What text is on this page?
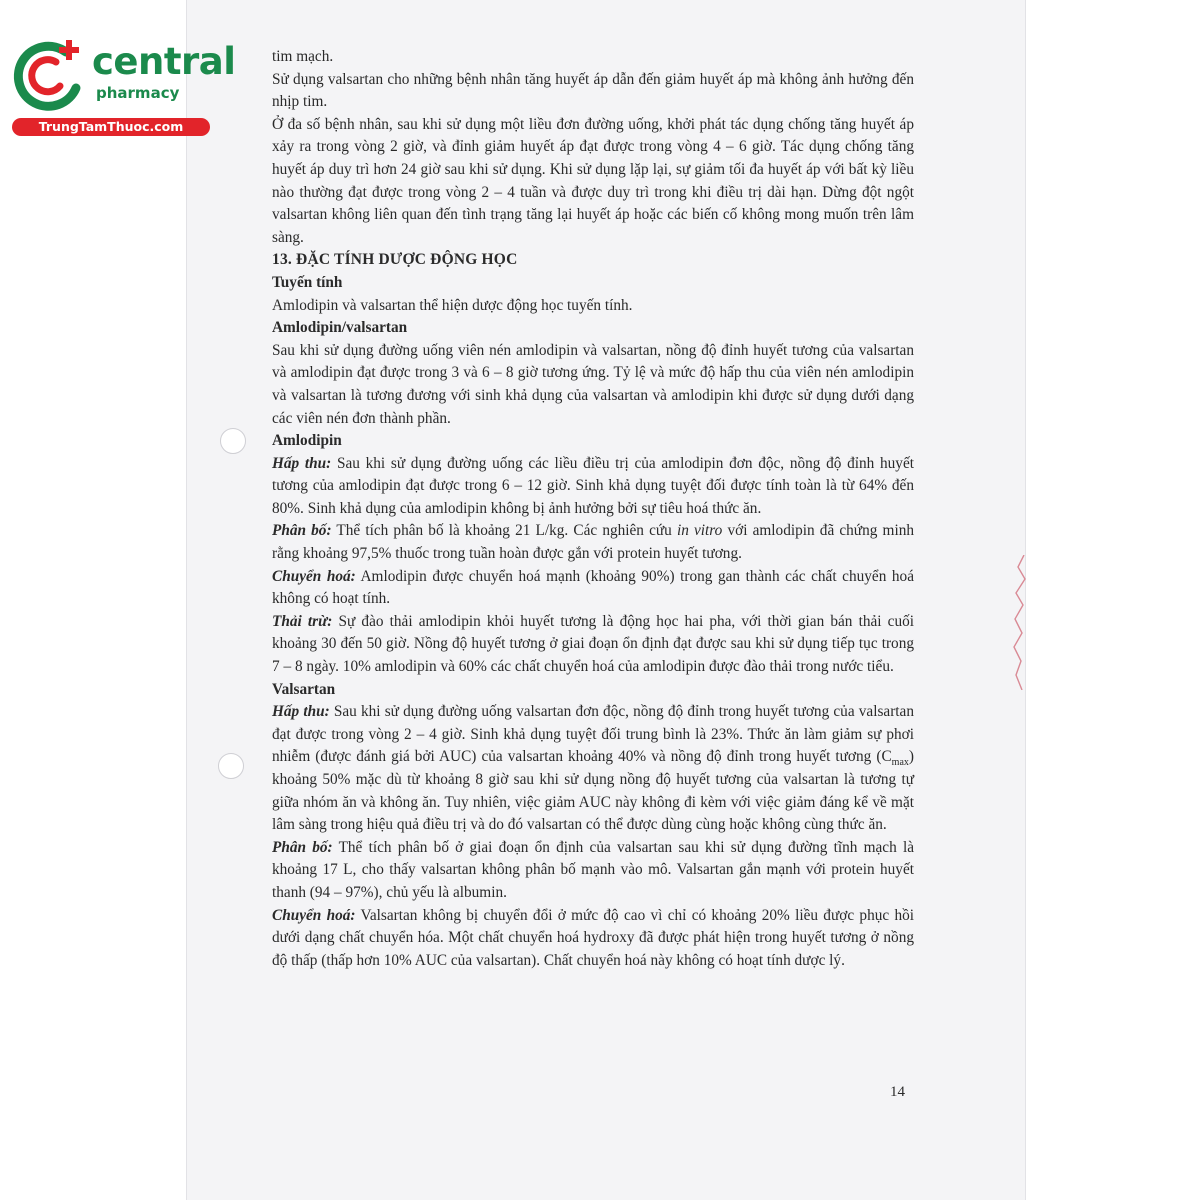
central
pharmacy
TrungTamThuoc.com

tim mạch.

Sử dụng valsartan cho những bệnh nhân tăng huyết áp dẫn đến giảm huyết áp mà không ảnh hưởng đến nhịp tim.

Ở đa số bệnh nhân, sau khi sử dụng một liều đơn đường uống, khởi phát tác dụng chống tăng huyết áp xảy ra trong vòng 2 giờ, và đỉnh giảm huyết áp đạt được trong vòng 4 – 6 giờ. Tác dụng chống tăng huyết áp duy trì hơn 24 giờ sau khi sử dụng. Khi sử dụng lặp lại, sự giảm tối đa huyết áp với bất kỳ liều nào thường đạt được trong vòng 2 – 4 tuần và được duy trì trong khi điều trị dài hạn. Dừng đột ngột valsartan không liên quan đến tình trạng tăng lại huyết áp hoặc các biến cố không mong muốn trên lâm sàng.

13. ĐẶC TÍNH DƯỢC ĐỘNG HỌC
Tuyến tính

Amlodipin và valsartan thể hiện dược động học tuyến tính.

Amlodipin/valsartan

Sau khi sử dụng đường uống viên nén amlodipin và valsartan, nồng độ đỉnh huyết tương của valsartan và amlodipin đạt được trong 3 và 6 – 8 giờ tương ứng. Tỷ lệ và mức độ hấp thu của viên nén amlodipin và valsartan là tương đương với sinh khả dụng của valsartan và amlodipin khi được sử dụng dưới dạng các viên nén đơn thành phần.

Amlodipin

Hấp thu: Sau khi sử dụng đường uống các liều điều trị của amlodipin đơn độc, nồng độ đỉnh huyết tương của amlodipin đạt được trong 6 – 12 giờ. Sinh khả dụng tuyệt đối được tính toàn là từ 64% đến 80%. Sinh khả dụng của amlodipin không bị ảnh hưởng bởi sự tiêu hoá thức ăn.

Phân bố: Thể tích phân bố là khoảng 21 L/kg. Các nghiên cứu in vitro với amlodipin đã chứng minh rằng khoảng 97,5% thuốc trong tuần hoàn được gắn với protein huyết tương.

Chuyển hoá: Amlodipin được chuyển hoá mạnh (khoảng 90%) trong gan thành các chất chuyển hoá không có hoạt tính.

Thải trừ: Sự đào thải amlodipin khỏi huyết tương là động học hai pha, với thời gian bán thải cuối khoảng 30 đến 50 giờ. Nồng độ huyết tương ở giai đoạn ổn định đạt được sau khi sử dụng tiếp tục trong 7 – 8 ngày. 10% amlodipin và 60% các chất chuyển hoá của amlodipin được đào thải trong nước tiểu.

Valsartan

Hấp thu: Sau khi sử dụng đường uống valsartan đơn độc, nồng độ đỉnh trong huyết tương của valsartan đạt được trong vòng 2 – 4 giờ. Sinh khả dụng tuyệt đối trung bình là 23%. Thức ăn làm giảm sự phơi nhiễm (được đánh giá bởi AUC) của valsartan khoảng 40% và nồng độ đỉnh trong huyết tương $(C_{max})$ khoảng 50% mặc dù từ khoảng 8 giờ sau khi sử dụng nồng độ huyết tương của valsartan là tương tự giữa nhóm ăn và không ăn. Tuy nhiên, việc giảm AUC này không đi kèm với việc giảm đáng kể về mặt lâm sàng trong hiệu quả điều trị và do đó valsartan có thể được dùng cùng hoặc không cùng thức ăn.

Phân bố: Thể tích phân bố ở giai đoạn ổn định của valsartan sau khi sử dụng đường tĩnh mạch là khoảng 17 L, cho thấy valsartan không phân bố mạnh vào mô. Valsartan gắn mạnh với protein huyết thanh (94 – 97%), chủ yếu là albumin.

Chuyển hoá: Valsartan không bị chuyển đổi ở mức độ cao vì chỉ có khoảng 20% liều được phục hồi dưới dạng chất chuyển hóa. Một chất chuyển hoá hydroxy đã được phát hiện trong huyết tương ở nồng độ thấp (thấp hơn 10% AUC của valsartan). Chất chuyển hoá này không có hoạt tính dược lý.

14
